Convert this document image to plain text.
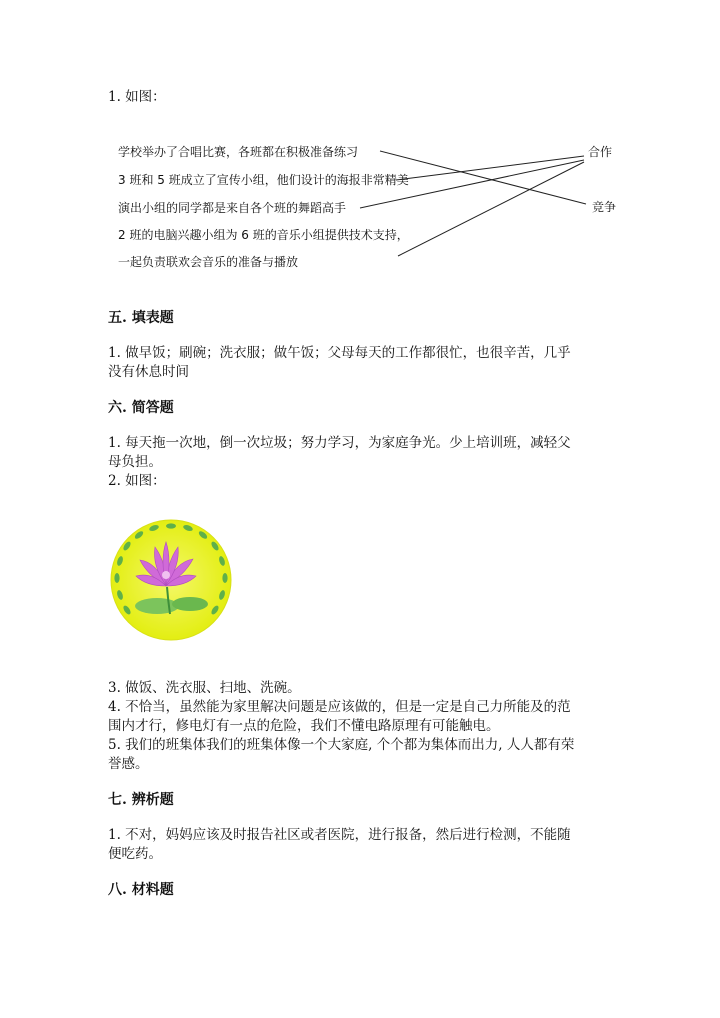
1. 如图：
学校举办了合唱比赛，各班都在积极准备练习
3 班和 5 班成立了宣传小组，他们设计的海报非常精美
演出小组的同学都是来自各个班的舞蹈高手
2 班的电脑兴趣小组为 6 班的音乐小组提供技术支持，
一起负责联欢会音乐的准备与播放
合作
竞争
五. 填表题
1. 做早饭；刷碗；洗衣服；做午饭；父母每天的工作都很忙，也很辛苦，几乎
没有休息时间
六. 简答题
1. 每天拖一次地，倒一次垃圾；努力学习，为家庭争光。少上培训班，减轻父
母负担。
2. 如图：
3. 做饭、洗衣服、扫地、洗碗。
4. 不恰当，虽然能为家里解决问题是应该做的，但是一定是自己力所能及的范
围内才行，修电灯有一点的危险，我们不懂电路原理有可能触电。
5. 我们的班集体我们的班集体像一个大家庭, 个个都为集体而出力, 人人都有荣
誉感。
七. 辨析题
1. 不对，妈妈应该及时报告社区或者医院，进行报备，然后进行检测，不能随
便吃药。
八. 材料题
